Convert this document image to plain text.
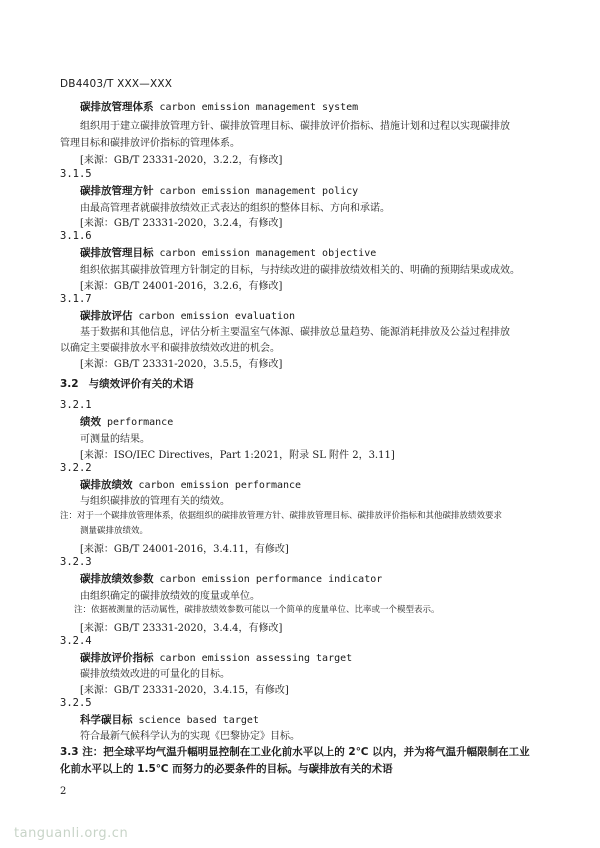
DB4403/T XXX—XXX
碳排放管理体系 carbon emission management system
组织用于建立碳排放管理方针、碳排放管理目标、碳排放评价指标、措施计划和过程以实现碳排放
管理目标和碳排放评价指标的管理体系。
[来源：GB/T 23331-2020，3.2.2，有修改]
3.1.5
碳排放管理方针 carbon emission management policy
由最高管理者就碳排放绩效正式表达的组织的整体目标、方向和承诺。
[来源：GB/T 23331-2020，3.2.4，有修改]
3.1.6
碳排放管理目标 carbon emission management objective
组织依据其碳排放管理方针制定的目标，与持续改进的碳排放绩效相关的、明确的预期结果或成效。
[来源：GB/T 24001-2016，3.2.6，有修改]
3.1.7
碳排放评估 carbon emission evaluation
基于数据和其他信息，评估分析主要温室气体源、碳排放总量趋势、能源消耗排放及公益过程排放
以确定主要碳排放水平和碳排放绩效改进的机会。
[来源：GB/T 23331-2020，3.5.5，有修改]
3.2 与绩效评价有关的术语
3.2.1
绩效 performance
可测量的结果。
[来源：ISO/IEC Directives，Part 1:2021，附录 SL 附件 2，3.11]
3.2.2
碳排放绩效 carbon emission performance
与组织碳排放的管理有关的绩效。
注：对于一个碳排放管理体系，依据组织的碳排放管理方针、碳排放管理目标、碳排放评价指标和其他碳排放绩效要求
测量碳排放绩效。
[来源：GB/T 24001-2016，3.4.11，有修改]
3.2.3
碳排放绩效参数 carbon emission performance indicator
由组织确定的碳排放绩效的度量或单位。
注：依据被测量的活动属性，碳排放绩效参数可能以一个简单的度量单位、比率或一个模型表示。
[来源：GB/T 23331-2020，3.4.4，有修改]
3.2.4
碳排放评价指标 carbon emission assessing target
碳排放绩效改进的可量化的目标。
[来源：GB/T 23331-2020，3.4.15，有修改]
3.2.5
科学碳目标 science based target
符合最新气候科学认为的实现《巴黎协定》目标。
3.3 注：把全球平均气温升幅明显控制在工业化前水平以上的 2℃ 以内，并为将气温升幅限制在工业
化前水平以上的 1.5℃ 而努力的必要条件的目标。与碳排放有关的术语
2
tanguanli.org.cn
